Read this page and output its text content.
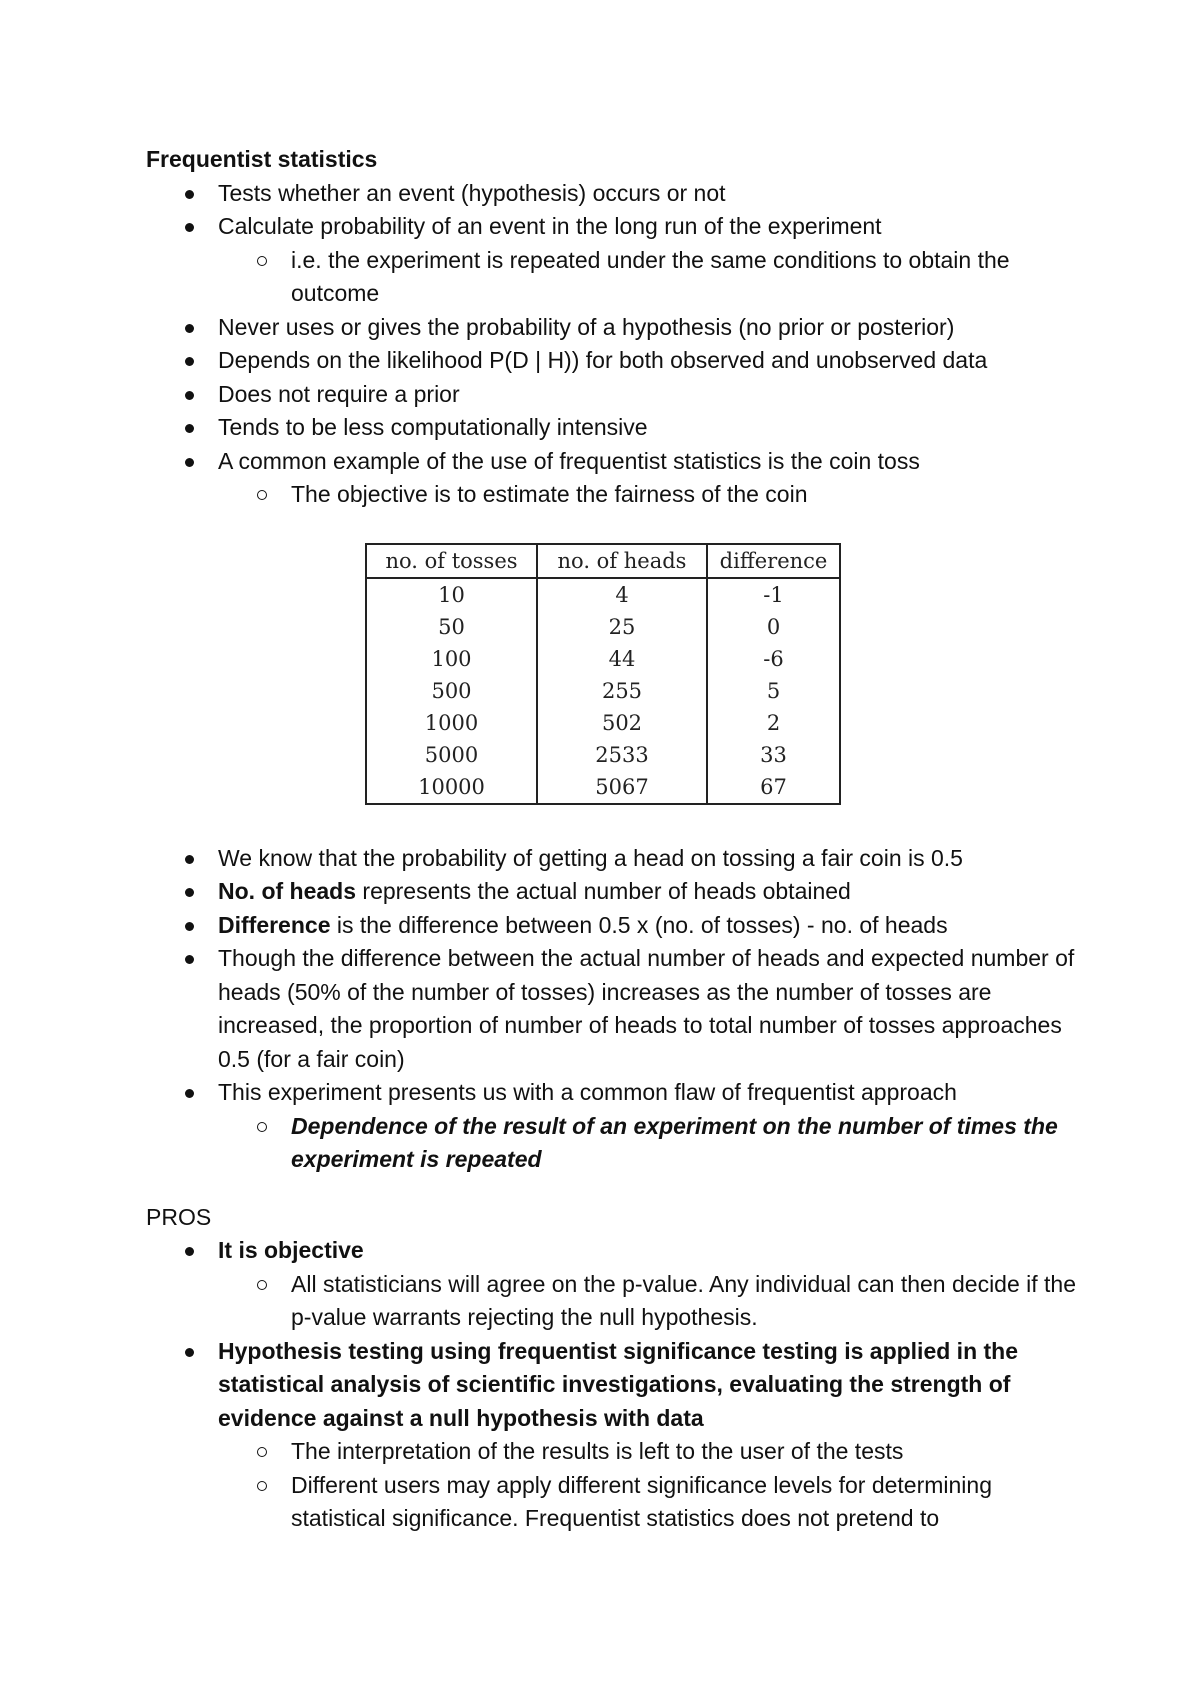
Frequentist statistics
Tests whether an event (hypothesis) occurs or not
Calculate probability of an event in the long run of the experiment
i.e. the experiment is repeated under the same conditions to obtain the outcome
Never uses or gives the probability of a hypothesis (no prior or posterior)
Depends on the likelihood P(D | H)) for both observed and unobserved data
Does not require a prior
Tends to be less computationally intensive
A common example of the use of frequentist statistics is the coin toss
The objective is to estimate the fairness of the coin
no. of tosses	no. of heads	difference
10	4	-1
50	25	0
100	44	-6
500	255	5
1000	502	2
5000	2533	33
10000	5067	67
We know that the probability of getting a head on tossing a fair coin is 0.5
No. of heads represents the actual number of heads obtained
Difference is the difference between 0.5 x (no. of tosses) - no. of heads
Though the difference between the actual number of heads and expected number of heads (50% of the number of tosses) increases as the number of tosses are increased, the proportion of number of heads to total number of tosses approaches 0.5 (for a fair coin)
This experiment presents us with a common flaw of frequentist approach
Dependence of the result of an experiment on the number of times the experiment is repeated
PROS
It is objective
All statisticians will agree on the p-value. Any individual can then decide if the p-value warrants rejecting the null hypothesis.
Hypothesis testing using frequentist significance testing is applied in the statistical analysis of scientific investigations, evaluating the strength of evidence against a null hypothesis with data
The interpretation of the results is left to the user of the tests
Different users may apply different significance levels for determining statistical significance. Frequentist statistics does not pretend to
